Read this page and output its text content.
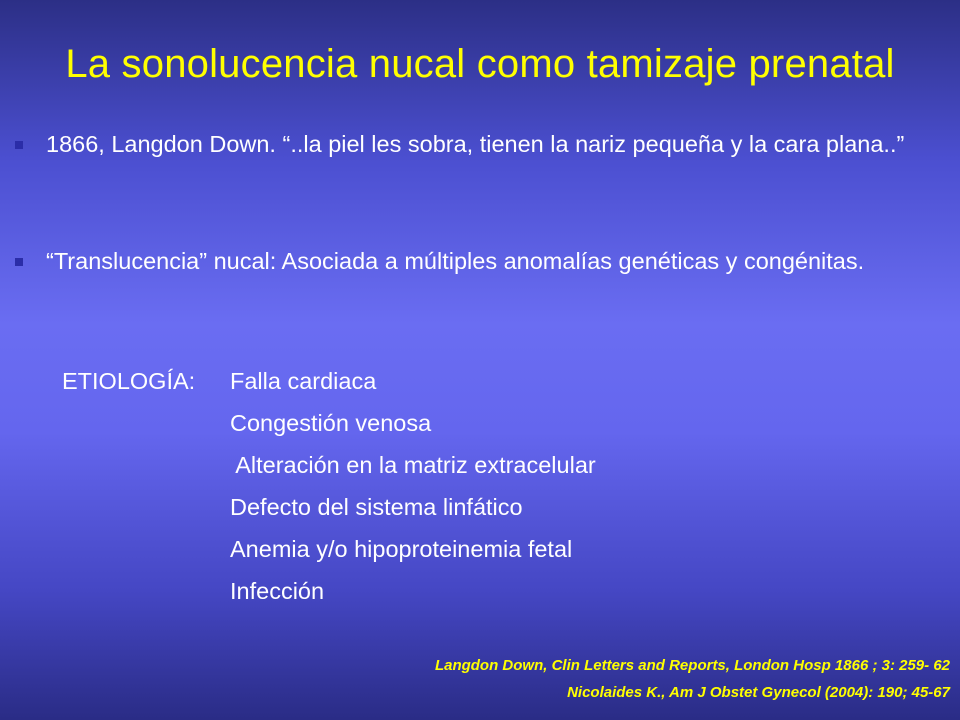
La sonolucencia nucal como tamizaje prenatal
1866, Langdon Down. “..la piel les sobra, tienen la nariz pequeña y la cara plana..”
“Translucencia” nucal: Asociada a múltiples anomalías genéticas y congénitas.
ETIOLOGÍA: Falla cardiaca
Congestión venosa
Alteración en la matriz extracelular
Defecto del sistema linfático
Anemia y/o hipoproteinemia fetal
Infección
Langdon Down, Clin Letters and Reports, London Hosp 1866 ; 3: 259- 62
Nicolaides K., Am J Obstet Gynecol (2004): 190; 45-67
